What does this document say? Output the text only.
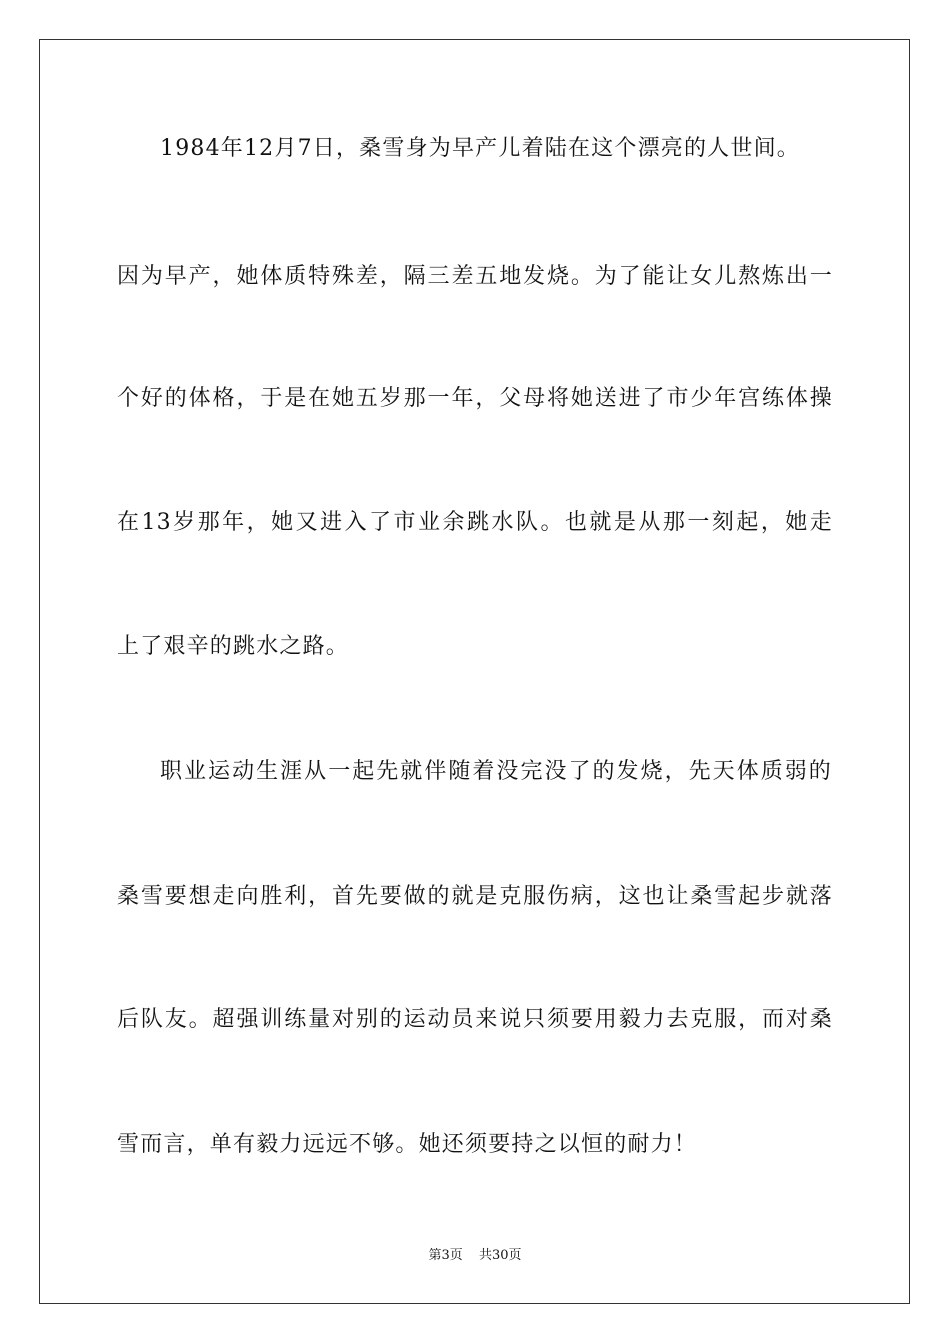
1984年12月7日，桑雪身为早产儿着陆在这个漂亮的人世间。
因为早产，她体质特殊差，隔三差五地发烧。为了能让女儿熬炼出一
个好的体格，于是在她五岁那一年，父母将她送进了市少年宫练体操
在13岁那年，她又进入了市业余跳水队。也就是从那一刻起，她走
上了艰辛的跳水之路。
职业运动生涯从一起先就伴随着没完没了的发烧，先天体质弱的
桑雪要想走向胜利，首先要做的就是克服伤病，这也让桑雪起步就落
后队友。超强训练量对别的运动员来说只须要用毅力去克服，而对桑
雪而言，单有毅力远远不够。她还须要持之以恒的耐力！
第3页 共30页
